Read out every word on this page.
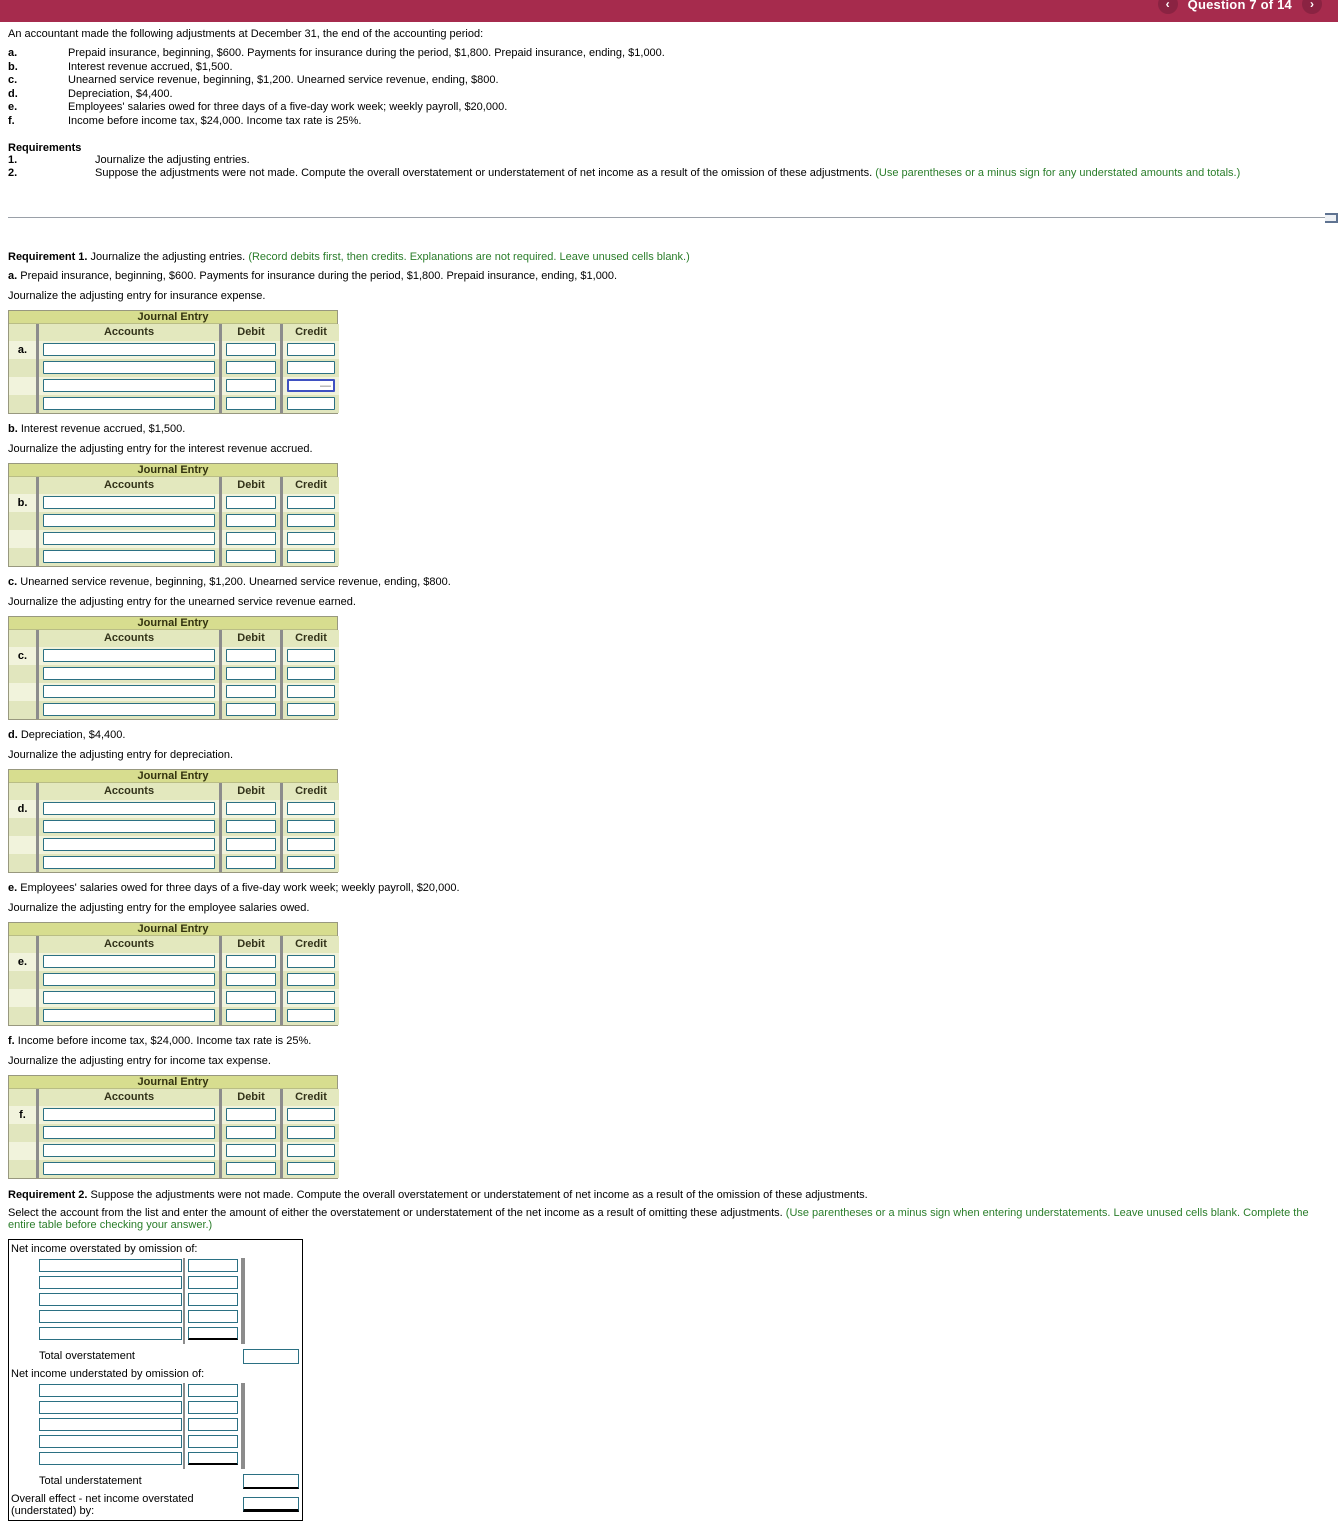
‹ Question 7 of 14 ›
An accountant made the following adjustments at December 31, the end of the accounting period:
a.	Prepaid insurance, beginning, $600. Payments for insurance during the period, $1,800. Prepaid insurance, ending, $1,000.
b.	Interest revenue accrued, $1,500.
c.	Unearned service revenue, beginning, $1,200. Unearned service revenue, ending, $800.
d.	Depreciation, $4,400.
e.	Employees' salaries owed for three days of a five-day work week; weekly payroll, $20,000.
f.	Income before income tax, $24,000. Income tax rate is 25%.
Requirements
1.	Journalize the adjusting entries.
2.	Suppose the adjustments were not made. Compute the overall overstatement or understatement of net income as a result of the omission of these adjustments. (Use parentheses or a minus sign for any understated amounts and totals.)
Requirement 1. Journalize the adjusting entries. (Record debits first, then credits. Explanations are not required. Leave unused cells blank.)
a. Prepaid insurance, beginning, $600. Payments for insurance during the period, $1,800. Prepaid insurance, ending, $1,000.
Journalize the adjusting entry for insurance expense.
Journal Entry
Accounts	Debit	Credit
a.
—
b. Interest revenue accrued, $1,500.
Journalize the adjusting entry for the interest revenue accrued.
Journal Entry
Accounts	Debit	Credit
b.
c. Unearned service revenue, beginning, $1,200. Unearned service revenue, ending, $800.
Journalize the adjusting entry for the unearned service revenue earned.
Journal Entry
Accounts	Debit	Credit
c.
d. Depreciation, $4,400.
Journalize the adjusting entry for depreciation.
Journal Entry
Accounts	Debit	Credit
d.
e. Employees' salaries owed for three days of a five-day work week; weekly payroll, $20,000.
Journalize the adjusting entry for the employee salaries owed.
Journal Entry
Accounts	Debit	Credit
e.
f. Income before income tax, $24,000. Income tax rate is 25%.
Journalize the adjusting entry for income tax expense.
Journal Entry
Accounts	Debit	Credit
f.
Requirement 2. Suppose the adjustments were not made. Compute the overall overstatement or understatement of net income as a result of the omission of these adjustments.
Select the account from the list and enter the amount of either the overstatement or understatement of the net income as a result of omitting these adjustments. (Use parentheses or a minus sign when entering understatements. Leave unused cells blank. Complete the entire table before checking your answer.)
Net income overstated by omission of:
Total overstatement
Net income understated by omission of:
Total understatement
Overall effect - net income overstated (understated) by:
